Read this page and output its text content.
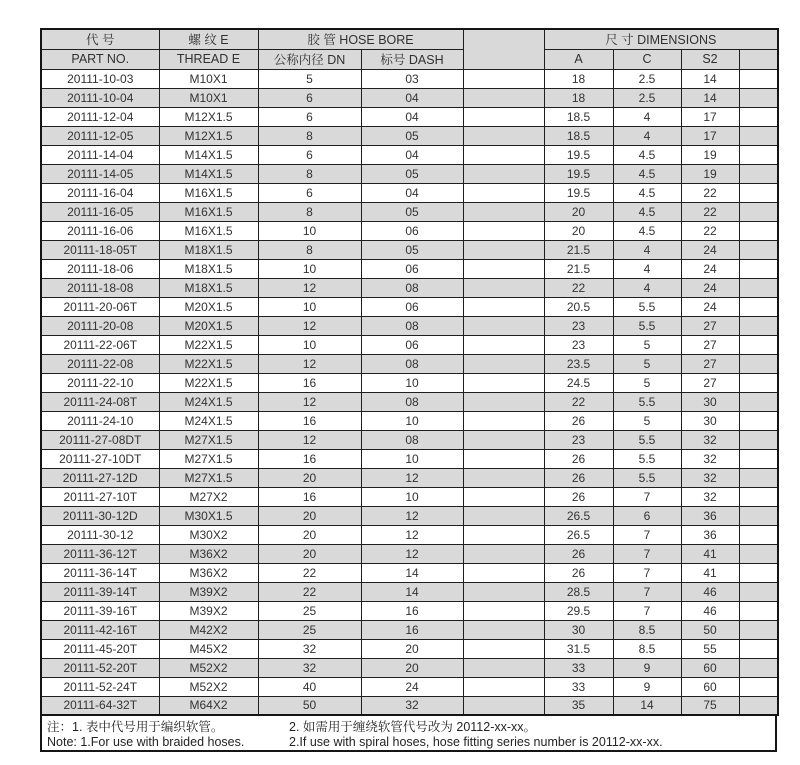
代 号	螺 纹 E	胶 管 HOSE BORE			尺 寸 DIMENSIONS			
PART NO.	THREAD E	公称内径 DN	标号 DASH		A	C	S2	
20111-10-03	M10X1	5	03		18	2.5	14	
20111-10-04	M10X1	6	04		18	2.5	14	
20111-12-04	M12X1.5	6	04		18.5	4	17	
20111-12-05	M12X1.5	8	05		18.5	4	17	
20111-14-04	M14X1.5	6	04		19.5	4.5	19	
20111-14-05	M14X1.5	8	05		19.5	4.5	19	
20111-16-04	M16X1.5	6	04		19.5	4.5	22	
20111-16-05	M16X1.5	8	05		20	4.5	22	
20111-16-06	M16X1.5	10	06		20	4.5	22	
20111-18-05T	M18X1.5	8	05		21.5	4	24	
20111-18-06	M18X1.5	10	06		21.5	4	24	
20111-18-08	M18X1.5	12	08		22	4	24	
20111-20-06T	M20X1.5	10	06		20.5	5.5	24	
20111-20-08	M20X1.5	12	08		23	5.5	27	
20111-22-06T	M22X1.5	10	06		23	5	27	
20111-22-08	M22X1.5	12	08		23.5	5	27	
20111-22-10	M22X1.5	16	10		24.5	5	27	
20111-24-08T	M24X1.5	12	08		22	5.5	30	
20111-24-10	M24X1.5	16	10		26	5	30	
20111-27-08DT	M27X1.5	12	08		23	5.5	32	
20111-27-10DT	M27X1.5	16	10		26	5.5	32	
20111-27-12D	M27X1.5	20	12		26	5.5	32	
20111-27-10T	M27X2	16	10		26	7	32	
20111-30-12D	M30X1.5	20	12		26.5	6	36	
20111-30-12	M30X2	20	12		26.5	7	36	
20111-36-12T	M36X2	20	12		26	7	41	
20111-36-14T	M36X2	22	14		26	7	41	
20111-39-14T	M39X2	22	14		28.5	7	46	
20111-39-16T	M39X2	25	16		29.5	7	46	
20111-42-16T	M42X2	25	16		30	8.5	50	
20111-45-20T	M45X2	32	20		31.5	8.5	55	
20111-52-20T	M52X2	32	20		33	9	60	
20111-52-24T	M52X2	40	24		33	9	60	
20111-64-32T	M64X2	50	32		35	14	75	
注：1. 表中代号用于编织软管。	2. 如需用于缠绕软管代号改为 20112-xx-xx。
Note: 1.For use with braided hoses.	2.If use with spiral hoses, hose fitting series number is 20112-xx-xx.
